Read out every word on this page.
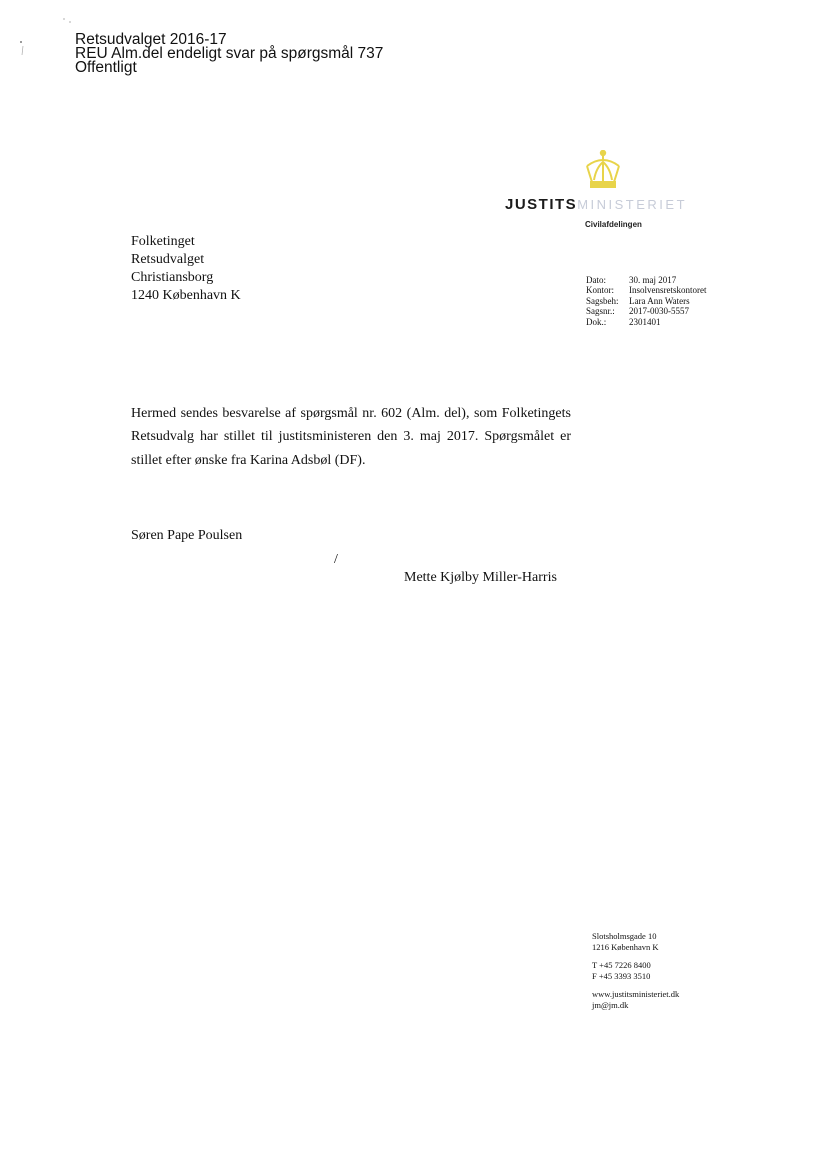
Retsudvalget 2016-17
REU Alm.del endeligt svar på spørgsmål 737
Offentligt
JUSTITSMINISTERIET
Civilafdelingen
Folketinget
Retsudvalget
Christiansborg
1240 København K
Dato:	30. maj 2017
Kontor:	Insolvensretskontoret
Sagsbeh:	Lara Ann Waters
Sagsnr.:	2017-0030-5557
Dok.:	2301401

Hermed sendes besvarelse af spørgsmål nr. 602 (Alm. del), som Folketingets Retsudvalg har stillet til justitsministeren den 3. maj 2017. Spørgsmålet er stillet efter ønske fra Karina Adsbøl (DF).

Søren Pape Poulsen
/
Mette Kjølby Miller-Harris
Slotsholmsgade 10
1216 København K
T +45 7226 8400
F +45 3393 3510
www.justitsministeriet.dk
jm@jm.dk
